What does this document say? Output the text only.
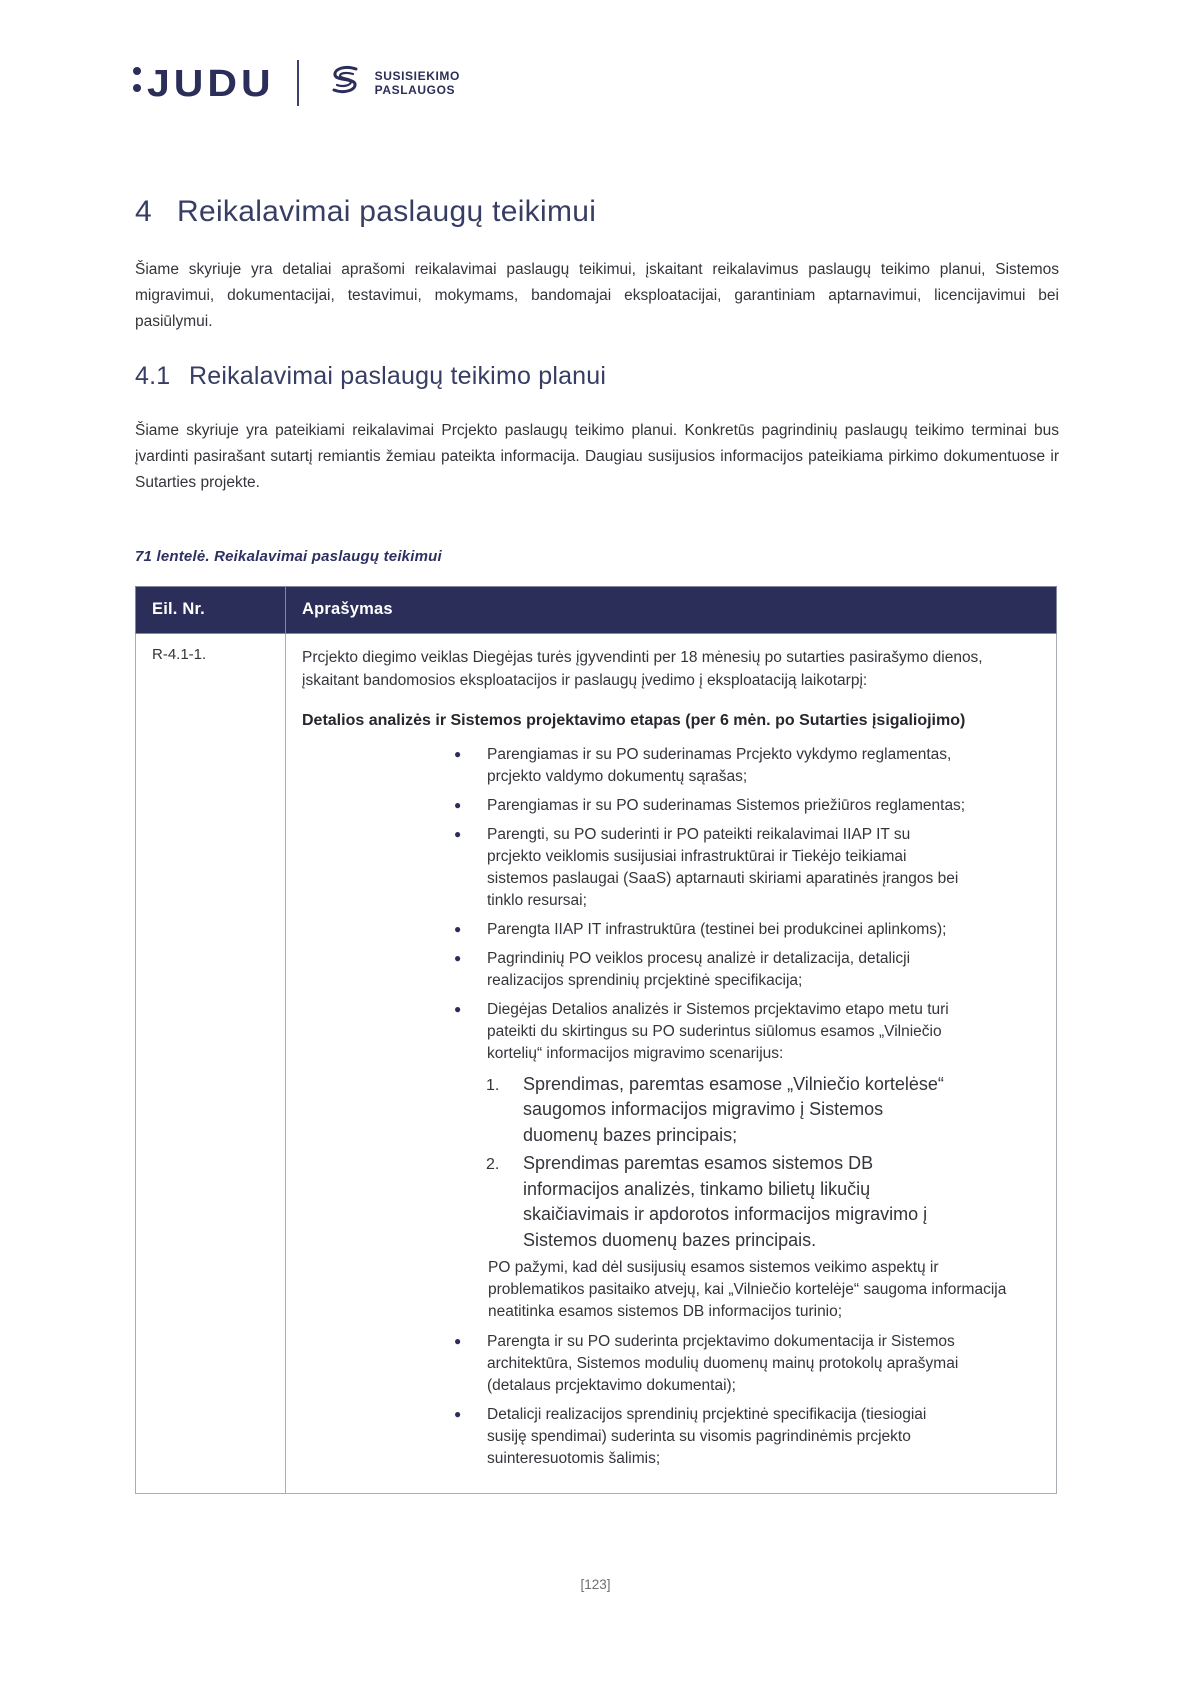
JUDU	SUSISIEKIMO
PASLAUGOS
4 Reikalavimai paslaugų teikimui
Šiame skyriuje yra detaliai aprašomi reikalavimai paslaugų teikimui, įskaitant reikalavimus paslaugų teikimo planui, Sistemos migravimui, dokumentacijai, testavimui, mokymams, bandomajai eksploatacijai, garantiniam aptarnavimui, licencijavimui bei pasiūlymui.
4.1 Reikalavimai paslaugų teikimo planui
Šiame skyriuje yra pateikiami reikalavimai Prcjekto paslaugų teikimo planui. Konkretūs pagrindinių paslaugų teikimo terminai bus įvardinti pasirašant sutartį remiantis žemiau pateikta informacija. Daugiau susijusios informacijos pateikiama pirkimo dokumentuose ir Sutarties projekte.
71 lentelė. Reikalavimai paslaugų teikimui
Eil. Nr.	Aprašymas
R-4.1-1.	Prcjekto diegimo veiklas Diegėjas turės įgyvendinti per 18 mėnesių po sutarties pasirašymo dienos, įskaitant bandomosios eksploatacijos ir paslaugų įvedimo į eksploataciją laikotarpį:
Detalios analizės ir Sistemos projektavimo etapas (per 6 mėn. po Sutarties įsigaliojimo)
●	Parengiamas ir su PO suderinamas Prcjekto vykdymo reglamentas, prcjekto valdymo dokumentų sąrašas;
●	Parengiamas ir su PO suderinamas Sistemos priežiūros reglamentas;
●	Parengti, su PO suderinti ir PO pateikti reikalavimai IIAP IT su prcjekto veiklomis susijusiai infrastruktūrai ir Tiekėjo teikiamai sistemos paslaugai (SaaS) aptarnauti skiriami aparatinės įrangos bei tinklo resursai;
●	Parengta IIAP IT infrastruktūra (testinei bei produkcinei aplinkoms);
●	Pagrindinių PO veiklos procesų analizė ir detalizacija, detalicji realizacijos sprendinių prcjektinė specifikacija;
●	Diegėjas Detalios analizės ir Sistemos prcjektavimo etapo metu turi pateikti du skirtingus su PO suderintus siūlomus esamos „Vilniečio kortelių“ informacijos migravimo scenarijus:
1.	Sprendimas, paremtas esamose „Vilniečio kortelėse“ saugomos informacijos migravimo į Sistemos duomenų bazes principais;
2.	Sprendimas paremtas esamos sistemos DB informacijos analizės, tinkamo bilietų likučių skaičiavimais ir apdorotos informacijos migravimo į Sistemos duomenų bazes principais.
PO pažymi, kad dėl susijusių esamos sistemos veikimo aspektų ir problematikos pasitaiko atvejų, kai „Vilniečio kortelėje“ saugoma informacija neatitinka esamos sistemos DB informacijos turinio;
●	Parengta ir su PO suderinta prcjektavimo dokumentacija ir Sistemos architektūra, Sistemos modulių duomenų mainų protokolų aprašymai (detalaus prcjektavimo dokumentai);
●	Detalicji realizacijos sprendinių prcjektinė specifikacija (tiesiogiai susiję spendimai) suderinta su visomis pagrindinėmis prcjekto suinteresuotomis šalimis;
[123]
